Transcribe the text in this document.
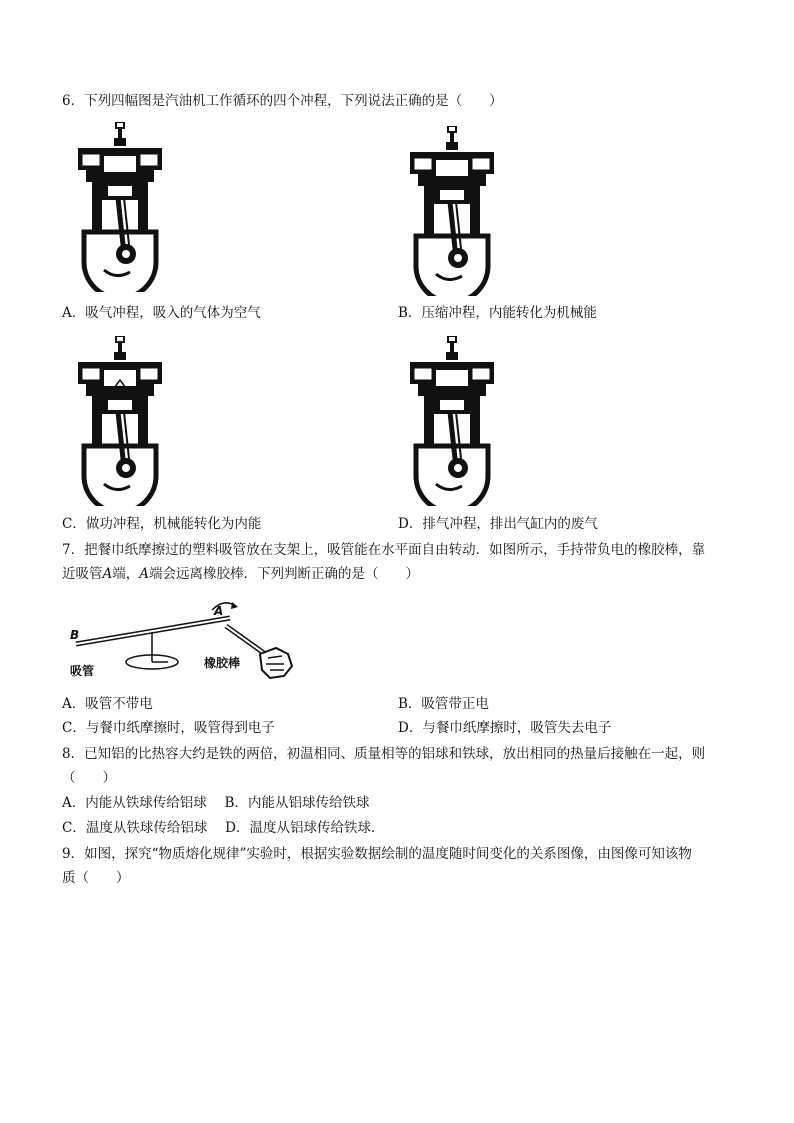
6．下列四幅图是汽油机工作循环的四个冲程，下列说法正确的是（　　）
A．吸气冲程，吸入的气体为空气	B．压缩冲程，内能转化为机械能
C．做功冲程，机械能转化为内能	D．排气冲程，排出气缸内的废气
7．把餐巾纸摩擦过的塑料吸管放在支架上，吸管能在水平面自由转动．如图所示，手持带负电的橡胶棒，靠
近吸管A端，A端会远离橡胶棒．下列判断正确的是（　　）
B
A
吸管
橡胶棒
A．吸管不带电	B．吸管带正电
C．与餐巾纸摩擦时，吸管得到电子	D．与餐巾纸摩擦时，吸管失去电子
8．已知铝的比热容大约是铁的两倍，初温相同、质量相等的铝球和铁球，放出相同的热量后接触在一起，则
（　　）
A．内能从铁球传给铝球　 B．内能从铝球传给铁球
C．温度从铁球传给铝球　 D．温度从铝球传给铁球．
9．如图，探究“物质熔化规律”实验时，根据实验数据绘制的温度随时间变化的关系图像，由图像可知该物
质（　　）
